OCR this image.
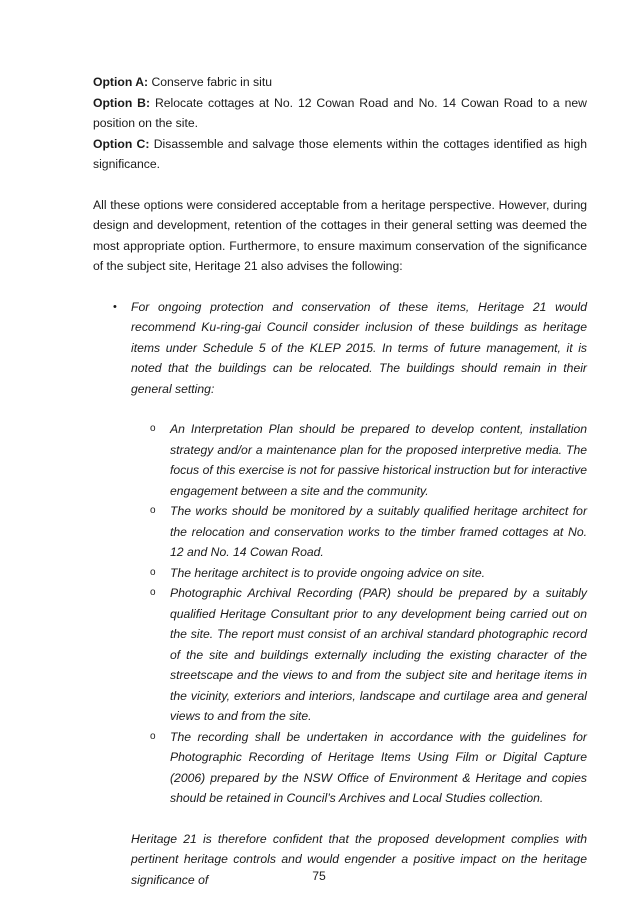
Option A: Conserve fabric in situ

Option B: Relocate cottages at No. 12 Cowan Road and No. 14 Cowan Road to a new position on the site.

Option C: Disassemble and salvage those elements within the cottages identified as high significance.

All these options were considered acceptable from a heritage perspective. However, during design and development, retention of the cottages in their general setting was deemed the most appropriate option. Furthermore, to ensure maximum conservation of the significance of the subject site, Heritage 21 also advises the following:

• For ongoing protection and conservation of these items, Heritage 21 would recommend Ku-ring-gai Council consider inclusion of these buildings as heritage items under Schedule 5 of the KLEP 2015. In terms of future management, it is noted that the buildings can be relocated. The buildings should remain in their general setting:
o An Interpretation Plan should be prepared to develop content, installation strategy and/or a maintenance plan for the proposed interpretive media. The focus of this exercise is not for passive historical instruction but for interactive engagement between a site and the community.
o The works should be monitored by a suitably qualified heritage architect for the relocation and conservation works to the timber framed cottages at No. 12 and No. 14 Cowan Road.
o The heritage architect is to provide ongoing advice on site.
o Photographic Archival Recording (PAR) should be prepared by a suitably qualified Heritage Consultant prior to any development being carried out on the site. The report must consist of an archival standard photographic record of the site and buildings externally including the existing character of the streetscape and the views to and from the subject site and heritage items in the vicinity, exteriors and interiors, landscape and curtilage area and general views to and from the site.
o The recording shall be undertaken in accordance with the guidelines for Photographic Recording of Heritage Items Using Film or Digital Capture (2006) prepared by the NSW Office of Environment & Heritage and copies should be retained in Council’s Archives and Local Studies collection.

Heritage 21 is therefore confident that the proposed development complies with pertinent heritage controls and would engender a positive impact on the heritage significance of	75
